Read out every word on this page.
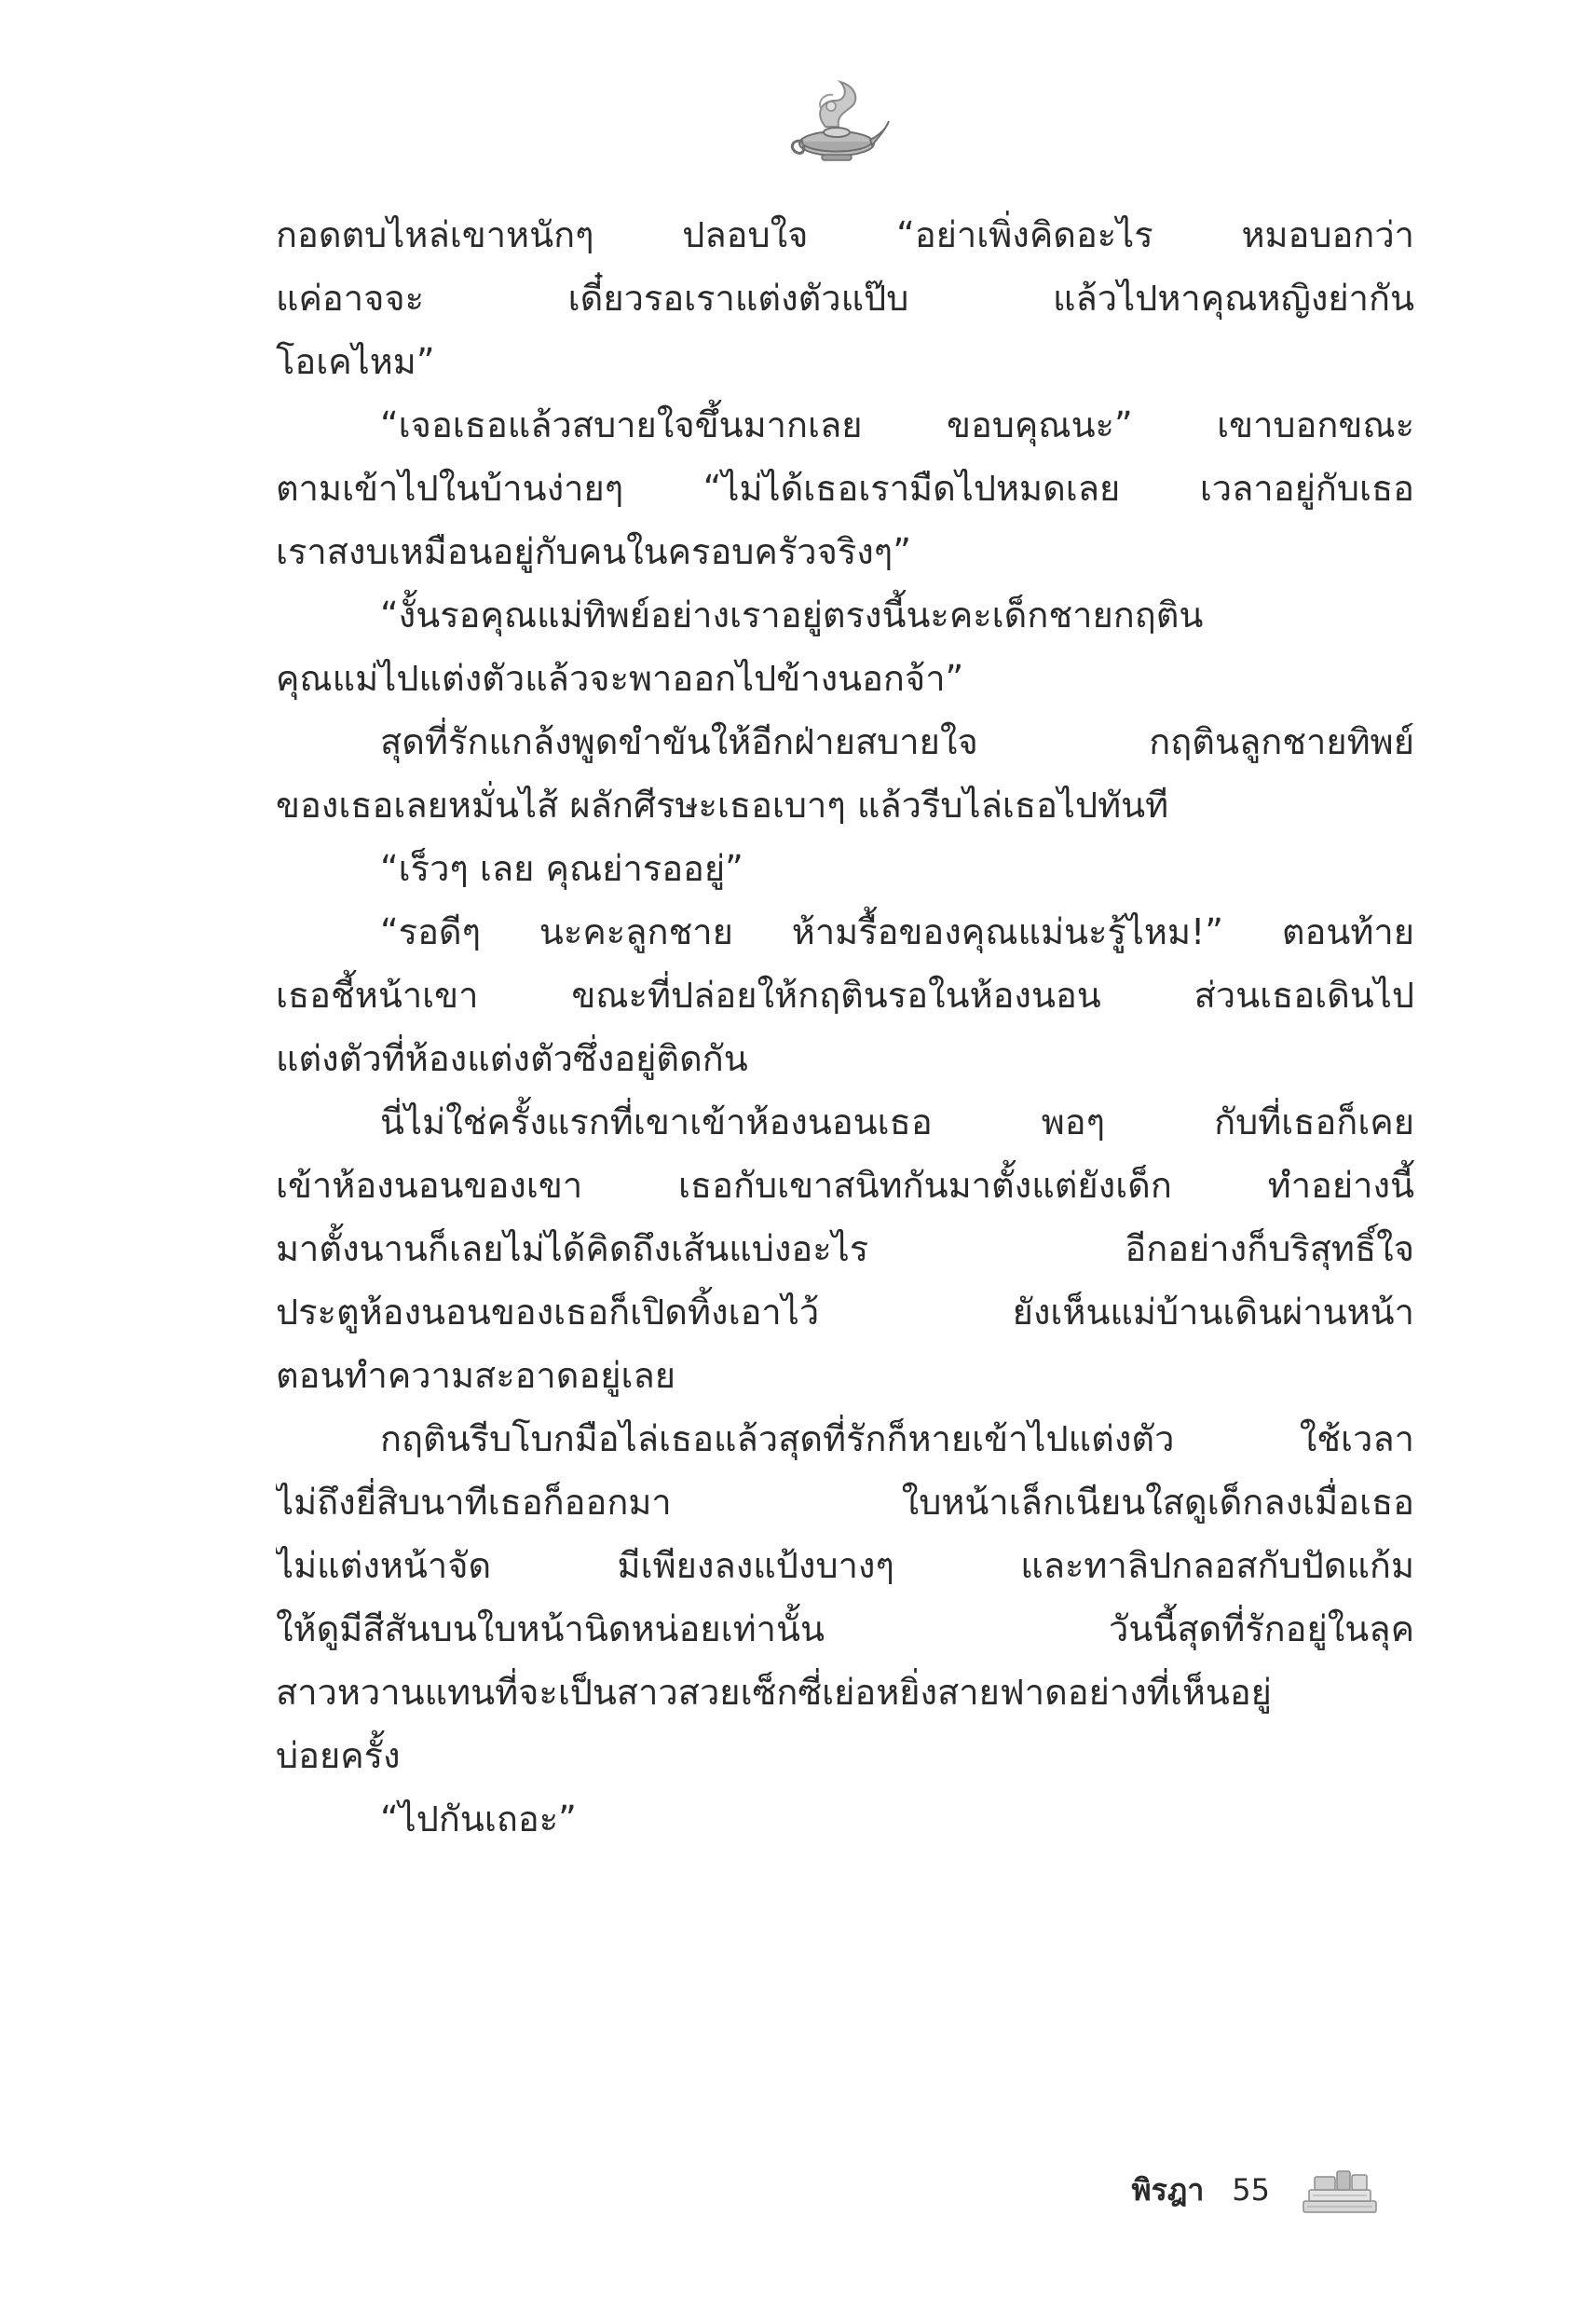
กอดตบไหล่เขาหนักๆ ปลอบใจ “อย่าเพิ่งคิดอะไร หมอบอกว่า
แค่อาจจะ เดี๋ยวรอเราแต่งตัวแป๊บ แล้วไปหาคุณหญิงย่ากัน
โอเคไหม”
“เจอเธอแล้วสบายใจขึ้นมากเลย ขอบคุณนะ” เขาบอกขณะ
ตามเข้าไปในบ้านง่ายๆ “ไม่ได้เธอเรามืดไปหมดเลย เวลาอยู่กับเธอ
เราสงบเหมือนอยู่กับคนในครอบครัวจริงๆ”
“งั้นรอคุณแม่ทิพย์อย่างเราอยู่ตรงนี้นะคะเด็กชายกฤติน
คุณแม่ไปแต่งตัวแล้วจะพาออกไปข้างนอกจ้า”
สุดที่รักแกล้งพูดขำขันให้อีกฝ่ายสบายใจ กฤตินลูกชายทิพย์
ของเธอเลยหมั่นไส้ ผลักศีรษะเธอเบาๆ แล้วรีบไล่เธอไปทันที
“เร็วๆ เลย คุณย่ารออยู่”
“รอดีๆ นะคะลูกชาย ห้ามรื้อของคุณแม่นะรู้ไหม!” ตอนท้าย
เธอชี้หน้าเขา ขณะที่ปล่อยให้กฤตินรอในห้องนอน ส่วนเธอเดินไป
แต่งตัวที่ห้องแต่งตัวซึ่งอยู่ติดกัน
นี่ไม่ใช่ครั้งแรกที่เขาเข้าห้องนอนเธอ พอๆ กับที่เธอก็เคย
เข้าห้องนอนของเขา เธอกับเขาสนิทกันมาตั้งแต่ยังเด็ก ทำอย่างนี้
มาตั้งนานก็เลยไม่ได้คิดถึงเส้นแบ่งอะไร อีกอย่างก็บริสุทธิ์ใจ
ประตูห้องนอนของเธอก็เปิดทิ้งเอาไว้ ยังเห็นแม่บ้านเดินผ่านหน้า
ตอนทำความสะอาดอยู่เลย
กฤตินรีบโบกมือไล่เธอแล้วสุดที่รักก็หายเข้าไปแต่งตัว ใช้เวลา
ไม่ถึงยี่สิบนาทีเธอก็ออกมา ใบหน้าเล็กเนียนใสดูเด็กลงเมื่อเธอ
ไม่แต่งหน้าจัด มีเพียงลงแป้งบางๆ และทาลิปกลอสกับปัดแก้ม
ให้ดูมีสีสันบนใบหน้านิดหน่อยเท่านั้น วันนี้สุดที่รักอยู่ในลุค
สาวหวานแทนที่จะเป็นสาวสวยเซ็กซี่เย่อหยิ่งสายฟาดอย่างที่เห็นอยู่
บ่อยครั้ง
“ไปกันเถอะ”
พิรฎา 55
